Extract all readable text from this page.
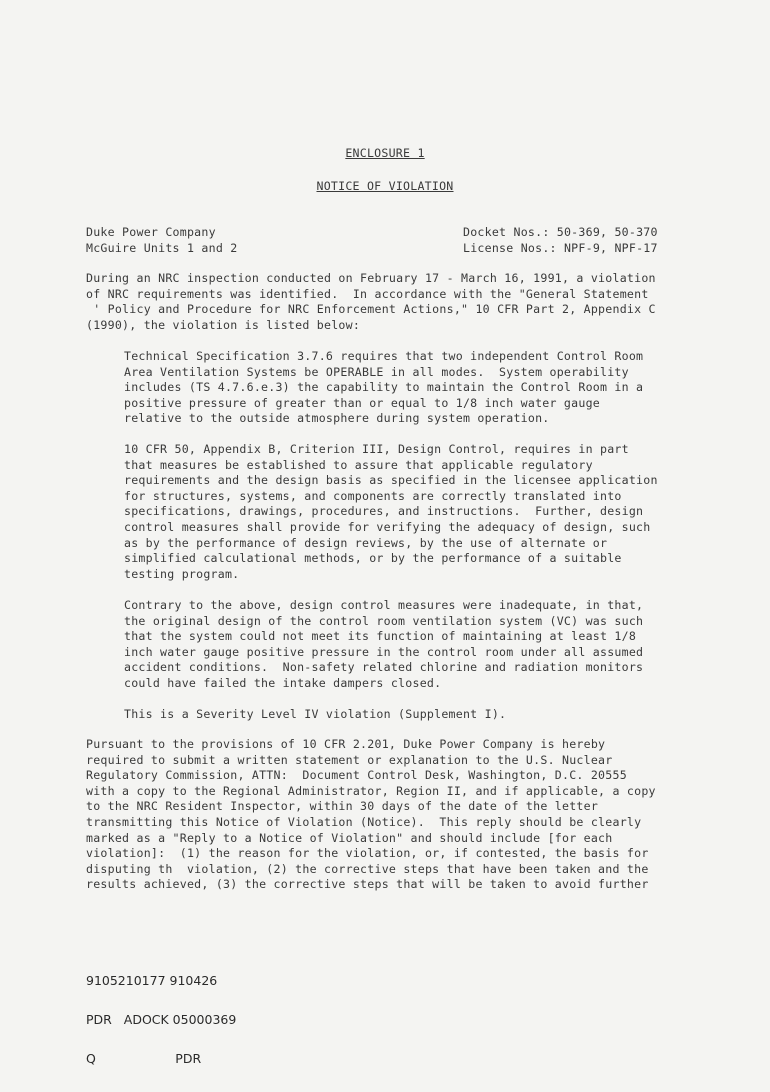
ENCLOSURE 1
NOTICE OF VIOLATION
Duke Power Company
McGuire Units 1 and 2
Docket Nos.: 50-369, 50-370
License Nos.: NPF-9, NPF-17
During an NRC inspection conducted on February 17 - March 16, 1991, a violation
of NRC requirements was identified.  In accordance with the "General Statement
' Policy and Procedure for NRC Enforcement Actions," 10 CFR Part 2, Appendix C
(1990), the violation is listed below:
Technical Specification 3.7.6 requires that two independent Control Room
Area Ventilation Systems be OPERABLE in all modes.  System operability
includes (TS 4.7.6.e.3) the capability to maintain the Control Room in a
positive pressure of greater than or equal to 1/8 inch water gauge
relative to the outside atmosphere during system operation.
10 CFR 50, Appendix B, Criterion III, Design Control, requires in part
that measures be established to assure that applicable regulatory
requirements and the design basis as specified in the licensee application
for structures, systems, and components are correctly translated into
specifications, drawings, procedures, and instructions.  Further, design
control measures shall provide for verifying the adequacy of design, such
as by the performance of design reviews, by the use of alternate or
simplified calculational methods, or by the performance of a suitable
testing program.
Contrary to the above, design control measures were inadequate, in that,
the original design of the control room ventilation system (VC) was such
that the system could not meet its function of maintaining at least 1/8
inch water gauge positive pressure in the control room under all assumed
accident conditions.  Non-safety related chlorine and radiation monitors
could have failed the intake dampers closed.
This is a Severity Level IV violation (Supplement I).
Pursuant to the provisions of 10 CFR 2.201, Duke Power Company is hereby
required to submit a written statement or explanation to the U.S. Nuclear
Regulatory Commission, ATTN:  Document Control Desk, Washington, D.C. 20555
with a copy to the Regional Administrator, Region II, and if applicable, a copy
to the NRC Resident Inspector, within 30 days of the date of the letter
transmitting this Notice of Violation (Notice).  This reply should be clearly
marked as a "Reply to a Notice of Violation" and should include [for each
violation]:  (1) the reason for the violation, or, if contested, the basis for
disputing th  violation, (2) the corrective steps that have been taken and the
results achieved, (3) the corrective steps that will be taken to avoid further

9105210177 910426

PDR   ADOCK 05000369

Q                    PDR
